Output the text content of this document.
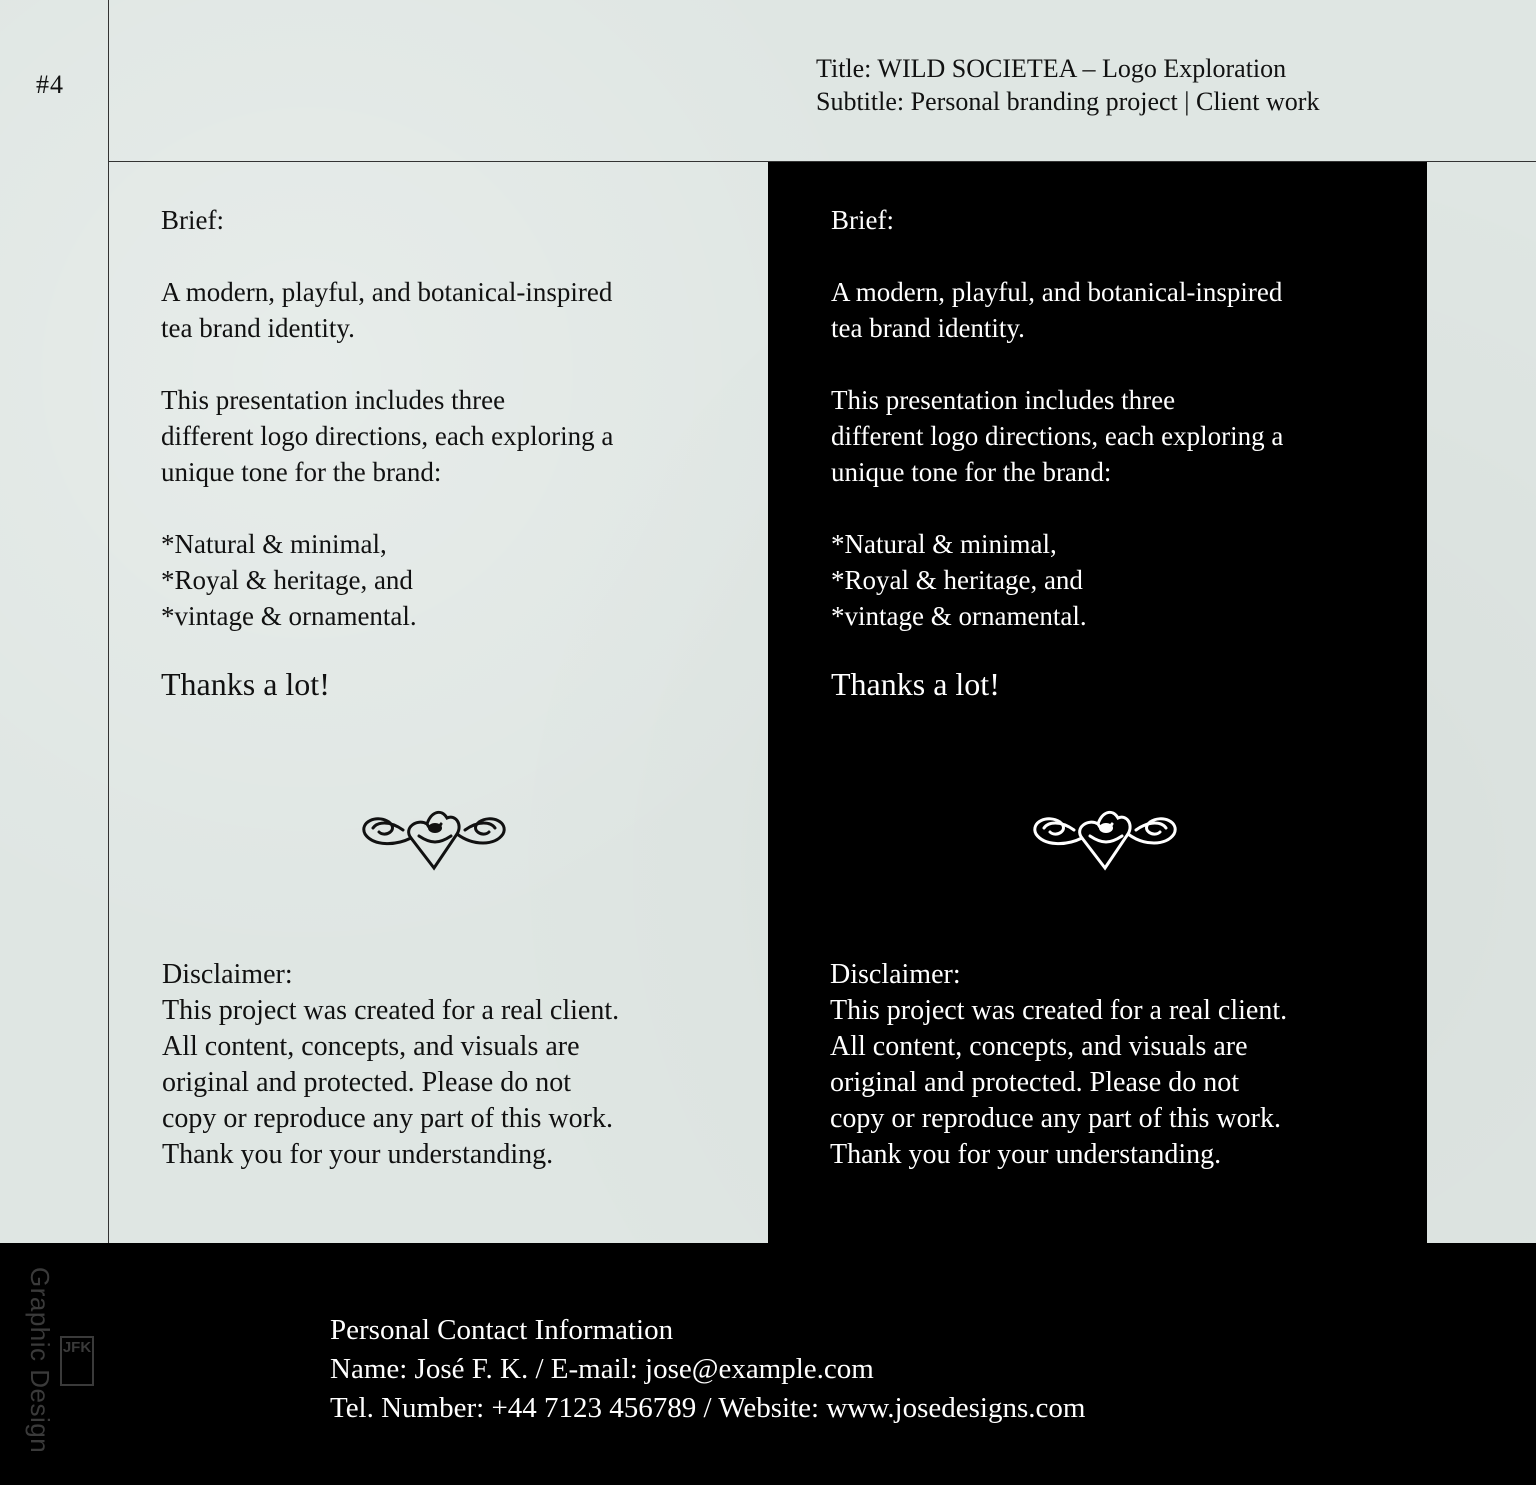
#4
Title: WILD SOCIETEA – Logo Exploration
Subtitle: Personal branding project | Client work
Brief:
A modern, playful, and botanical-inspired
tea brand identity.
This presentation includes three
different logo directions, each exploring a
unique tone for the brand:
*Natural & minimal,
*Royal & heritage, and
*vintage & ornamental.
Thanks a lot!
Disclaimer:
This project was created for a real client.
All content, concepts, and visuals are
original and protected. Please do not
copy or reproduce any part of this work.
Thank you for your understanding.
Brief:
A modern, playful, and botanical-inspired
tea brand identity.
This presentation includes three
different logo directions, each exploring a
unique tone for the brand:
*Natural & minimal,
*Royal & heritage, and
*vintage & ornamental.
Thanks a lot!
Disclaimer:
This project was created for a real client.
All content, concepts, and visuals are
original and protected. Please do not
copy or reproduce any part of this work.
Thank you for your understanding.
Graphic Design	Personal Contact Information
Name: José F. K. / E-mail: jose@example.com
Tel. Number: +44 7123 456789 / Website: www.josedesigns.com
JFK
